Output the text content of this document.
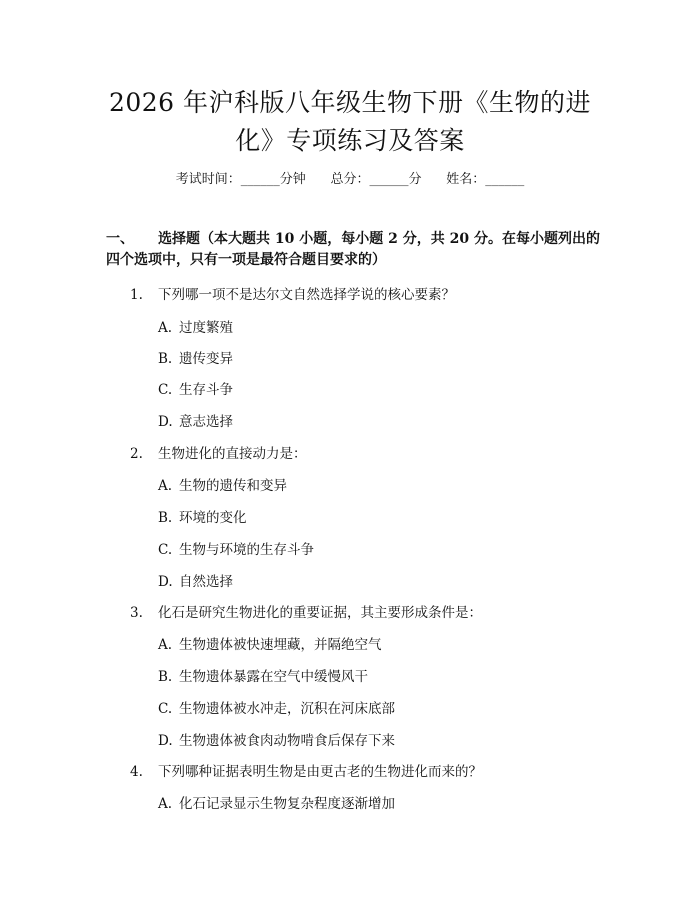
2026 年沪科版八年级生物下册《生物的进化》专项练习及答案
考试时间：______分钟      总分：______分      姓名：______
一、 选择题（本大题共 10 小题，每小题 2 分，共 20 分。在每小题列出的四个选项中，只有一项是最符合题目要求的）
1. 下列哪一项不是达尔文自然选择学说的核心要素？
A. 过度繁殖
B. 遗传变异
C. 生存斗争
D. 意志选择
2. 生物进化的直接动力是：
A. 生物的遗传和变异
B. 环境的变化
C. 生物与环境的生存斗争
D. 自然选择
3. 化石是研究生物进化的重要证据，其主要形成条件是：
A. 生物遗体被快速埋藏，并隔绝空气
B. 生物遗体暴露在空气中缓慢风干
C. 生物遗体被水冲走，沉积在河床底部
D. 生物遗体被食肉动物啃食后保存下来
4. 下列哪种证据表明生物是由更古老的生物进化而来的？
A. 化石记录显示生物复杂程度逐渐增加
